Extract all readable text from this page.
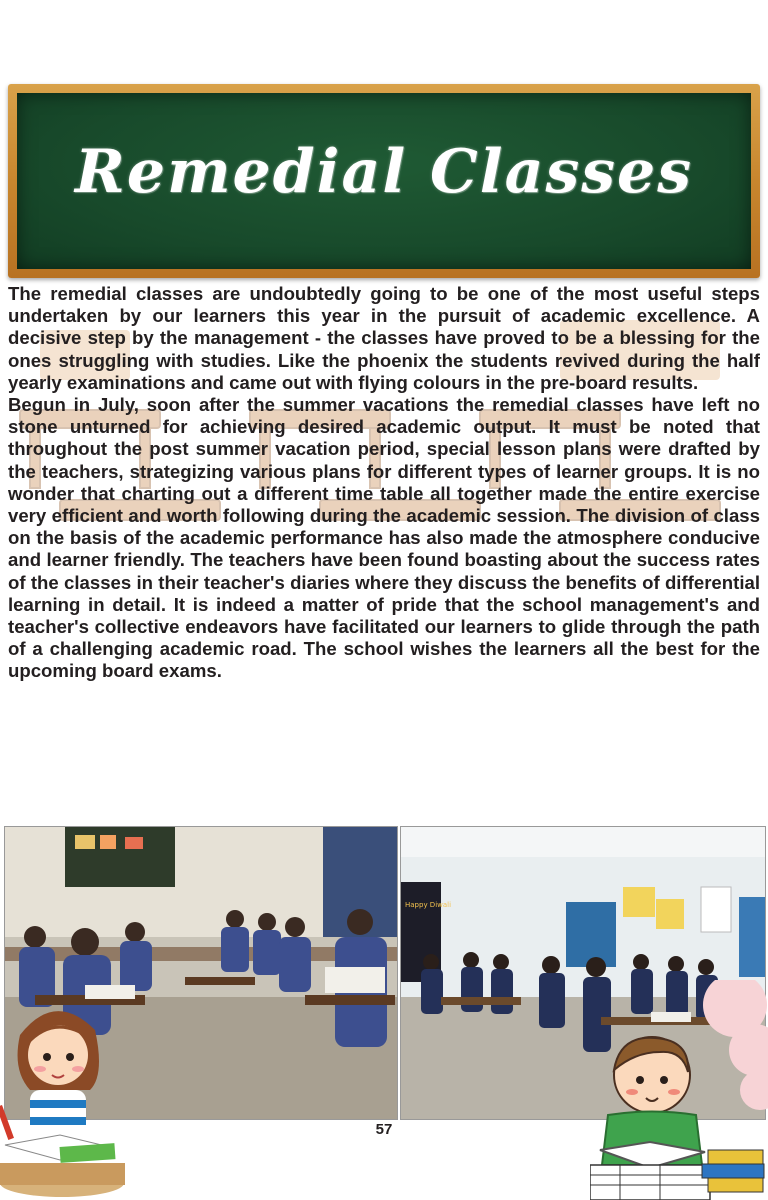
Remedial Classes

The remedial classes are undoubtedly going to be one of the most useful steps undertaken by our learners this year in the pursuit of academic excellence. A decisive step by the management - the classes have proved to be a blessing for the ones struggling with studies. Like the phoenix the students revived during the half yearly examinations and came out with flying colours in the pre-board results.

Begun in July, soon after the summer vacations the remedial classes have left no stone unturned for achieving desired academic output. It must be noted that throughout the post summer vacation period, special lesson plans were drafted by the teachers, strategizing various plans for different types of learner groups. It is no wonder that charting out a different time table all together made the entire exercise very efficient and worth following during the academic session. The division of class on the basis of the academic performance has also made the atmosphere conducive and learner friendly. The teachers have been found boasting about the success rates of the classes in their teacher's diaries where they discuss the benefits of differential learning in detail. It is indeed a matter of pride that the school management's and teacher's collective endeavors have facilitated our learners to glide through the path of a challenging academic road. The school wishes the learners all the best for the upcoming board exams.

Happy Diwali
57
